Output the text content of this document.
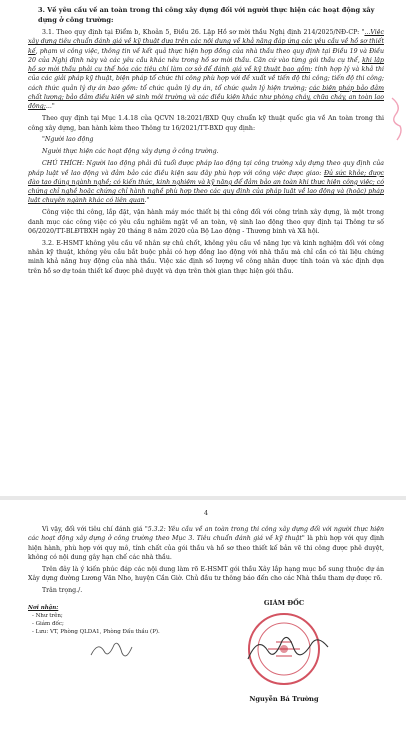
3. Về yêu cầu về an toàn trong thi công xây dựng đối với người thực hiện các hoạt động xây dựng ở công trường:

3.1. Theo quy định tại Điểm b, Khoản 5, Điều 26. Lập Hồ sơ mời thầu Nghị định 214/2025/NĐ-CP: "...Việc xây dựng tiêu chuẩn đánh giá về kỹ thuật dựa trên các nội dung về khả năng đáp ứng các yêu cầu về hồ sơ thiết kế, phạm vi công việc, thông tin về kết quả thực hiện hợp đồng của nhà thầu theo quy định tại Điều 19 và Điều 20 của Nghị định này và các yêu cầu khác nêu trong hồ sơ mời thầu. Căn cứ vào từng gói thầu cụ thể, khi lập hồ sơ mời thầu phải cụ thể hóa các tiêu chí làm cơ sở để đánh giá về kỹ thuật bao gồm: tính hợp lý và khả thi của các giải pháp kỹ thuật, biện pháp tổ chức thi công phù hợp với đề xuất về tiến độ thi công; tiến độ thi công; cách thức quản lý dự án bao gồm: tổ chức quản lý dự án, tổ chức quản lý hiện trường; các biện pháp bảo đảm chất lượng; bảo đảm điều kiện vệ sinh môi trường và các điều kiện khác như phòng cháy, chữa cháy, an toàn lao động;..."

Theo quy định tại Mục 1.4.18 của QCVN 18:2021/BXD Quy chuẩn kỹ thuật quốc gia về An toàn trong thi công xây dựng, ban hành kèm theo Thông tư 16/2021/TT-BXD quy định:

"Người lao động

Người thực hiện các hoạt động xây dựng ở công trường.

CHÚ THÍCH: Người lao động phải đủ tuổi được pháp lao động tại công trường xây dựng theo quy định của pháp luật về lao động và đảm bảo các điều kiện sau đây phù hợp với công việc được giao: Đủ sức khỏe; được đào tạo đúng ngành nghề; có kiến thức, kinh nghiệm và kỹ năng để đảm bảo an toàn khi thực hiện công việc; có chứng chỉ nghề hoặc chứng chỉ hành nghề phù hợp theo các quy định của pháp luật về lao động và (hoặc) pháp luật chuyên ngành khác có liên quan."

Công việc thi công, lắp đặt, vận hành máy móc thiết bị thi công đối với công trình xây dựng, là một trong danh mục các công việc có yêu cầu nghiêm ngặt về an toàn, vệ sinh lao động theo quy định tại Thông tư số 06/2020/TT-BLĐTBXH ngày 20 tháng 8 năm 2020 của Bộ Lao động - Thương binh và Xã hội.

3.2. E-HSMT không yêu cầu về nhân sự chủ chốt, không yêu cầu về năng lực và kinh nghiệm đối với công nhân kỹ thuật, không yêu cầu bắt buộc phải có hợp đồng lao động với nhà thầu mà chỉ cần có tài liệu chứng minh khả năng huy động của nhà thầu. Việc xác định số lượng về công nhân được tính toán và xác định dựa trên hồ sơ dự toán thiết kế được phê duyệt và dựa trên thời gian thực hiện gói thầu.

4

Vì vậy, đối với tiêu chí đánh giá "5.3.2: Yêu cầu về an toàn trong thi công xây dựng đối với người thực hiện các hoạt động xây dựng ở công trường theo Mục 3. Tiêu chuẩn đánh giá về kỹ thuật" là phù hợp với quy định hiện hành, phù hợp với quy mô, tính chất của gói thầu và hồ sơ theo thiết kế bản vẽ thi công được phê duyệt, không có nội dung gây hạn chế các nhà thầu.

Trên đây là ý kiến phúc đáp các nội dung làm rõ E-HSMT gói thầu Xây lắp hạng mục bổ sung thuộc dự án Xây dựng đường Lương Văn Nho, huyện Cần Giờ. Chủ đầu tư thông báo đến cho các Nhà thầu tham dự được rõ.

Trân trọng./.

Nơi nhận:
- Như trên;
- Giám đốc;
- Lưu: VT, Phòng QLDA1, Phòng Đấu thầu (P).
GIÁM ĐỐC
Nguyễn Bá Trường
